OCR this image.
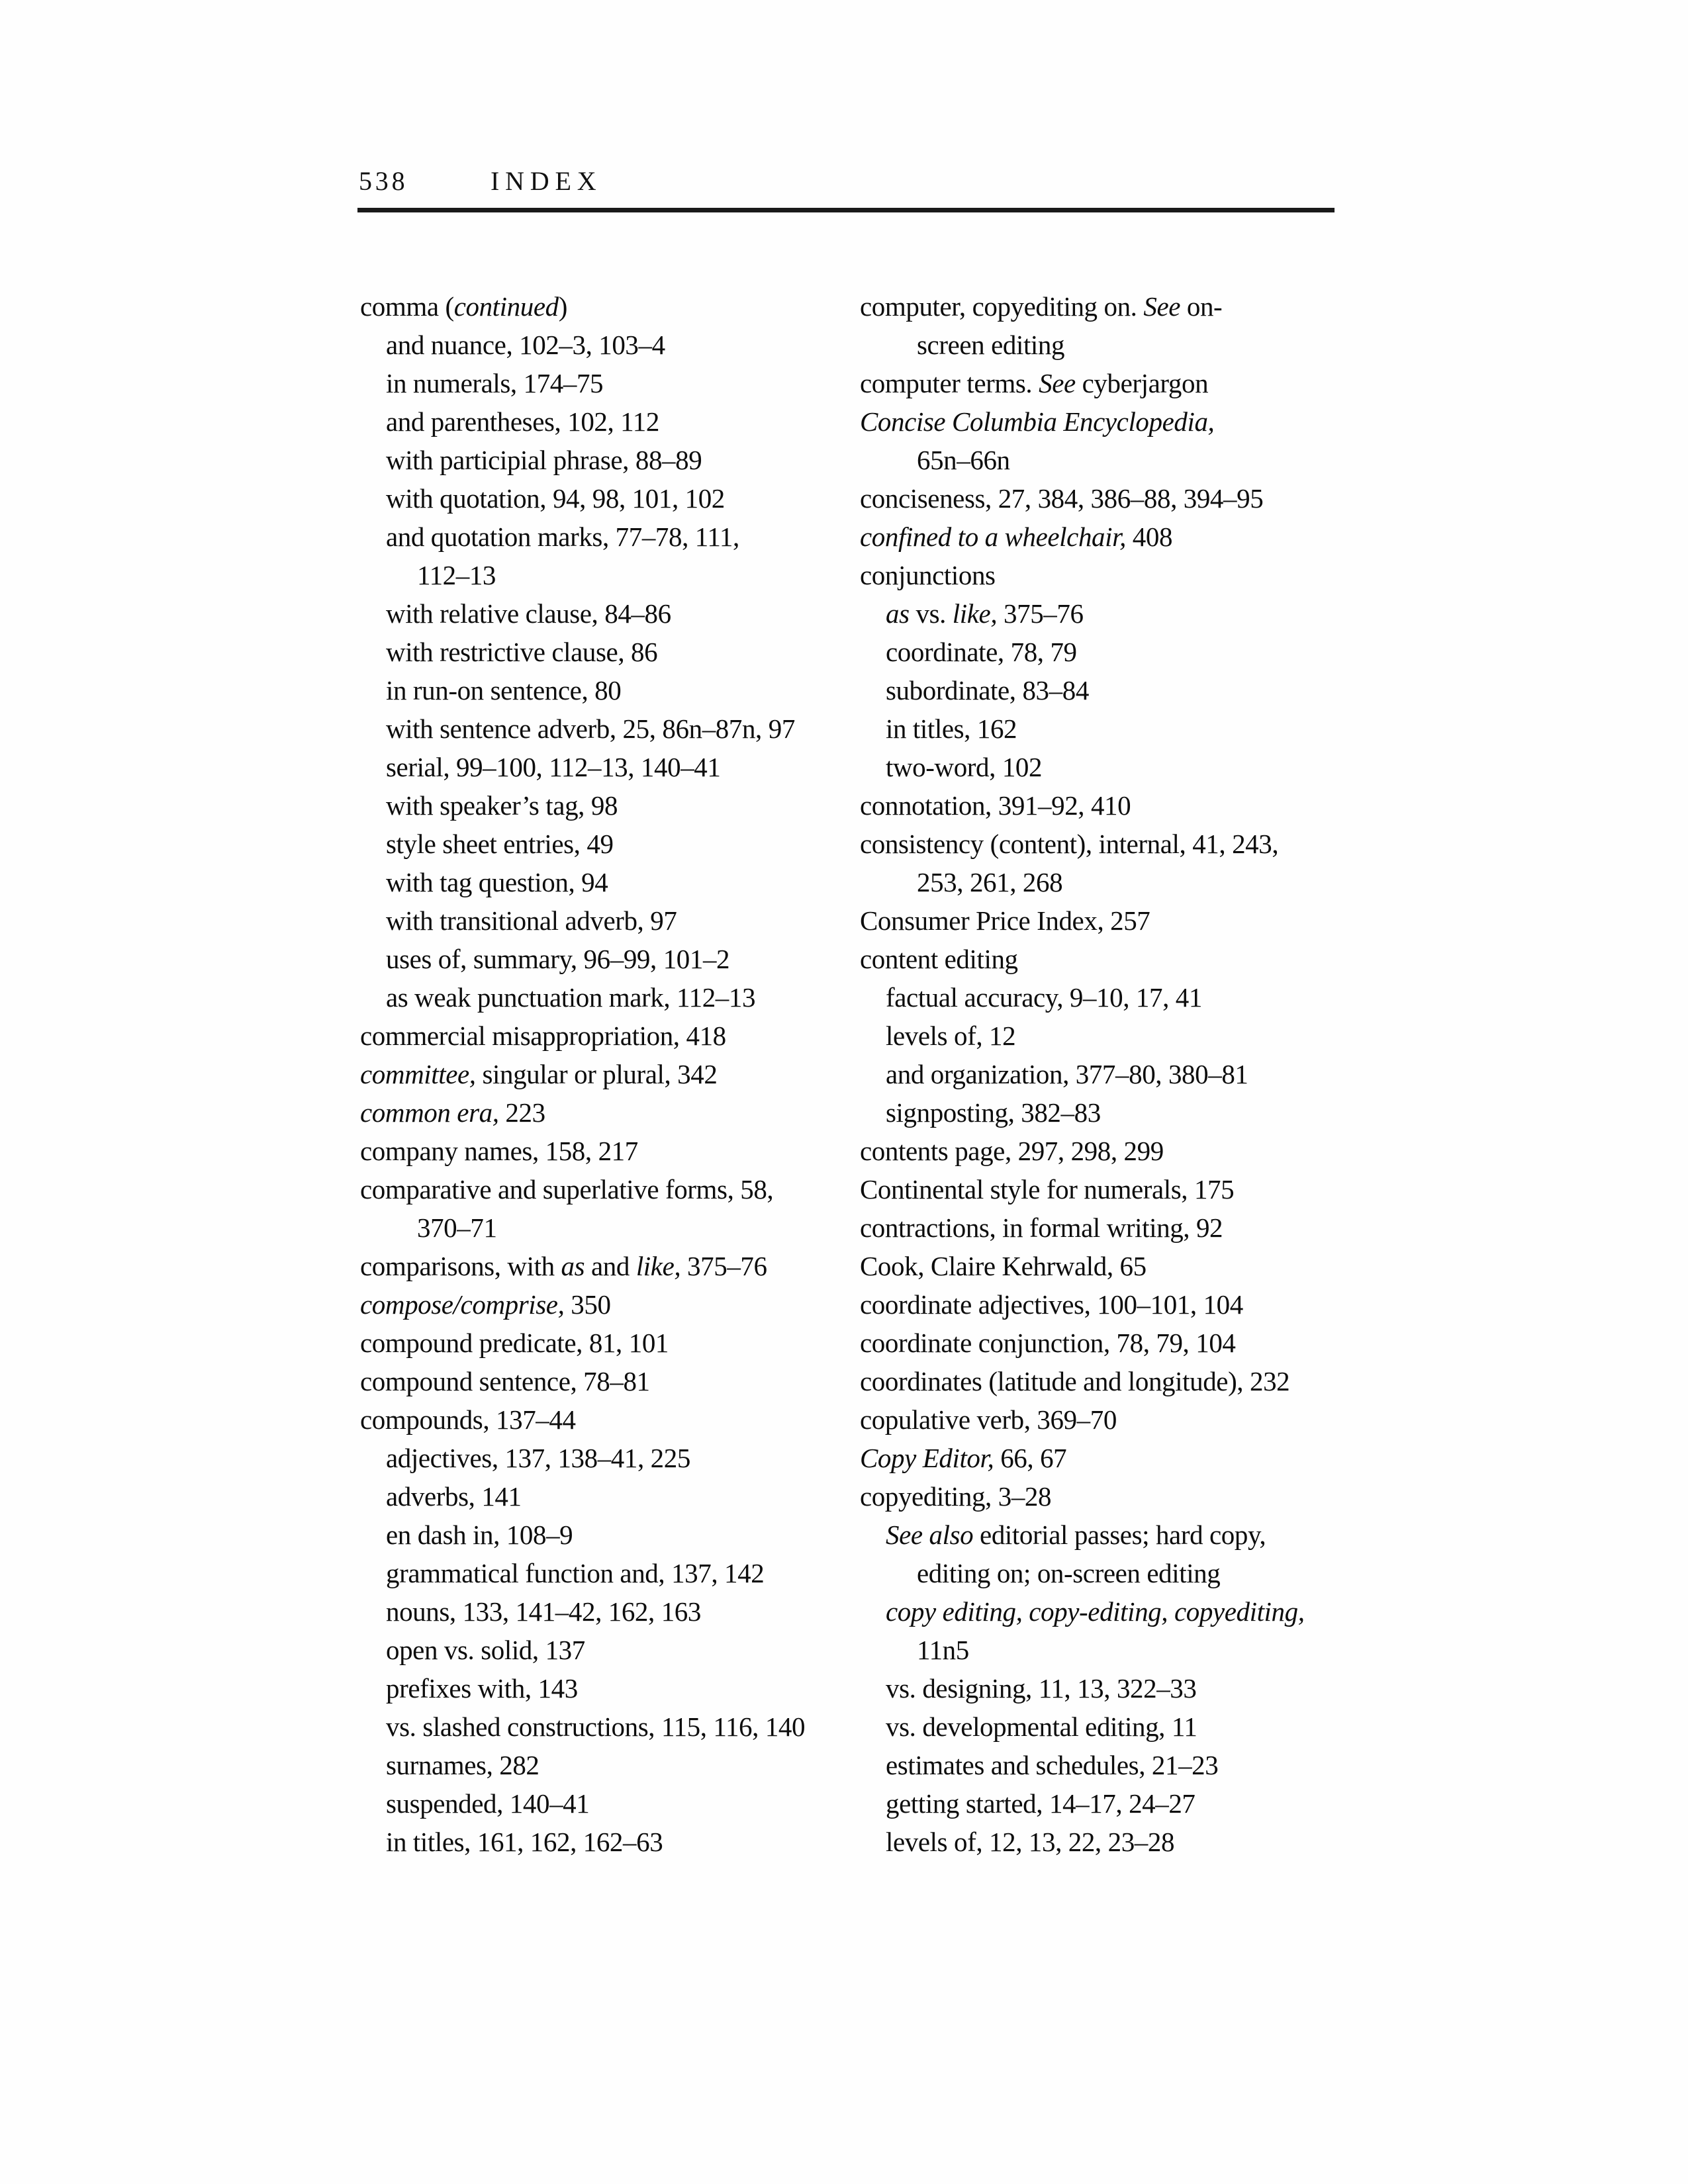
538	INDEX
comma (continued)
and nuance, 102–3, 103–4
in numerals, 174–75
and parentheses, 102, 112
with participial phrase, 88–89
with quotation, 94, 98, 101, 102
and quotation marks, 77–78, 111,
112–13
with relative clause, 84–86
with restrictive clause, 86
in run-on sentence, 80
with sentence adverb, 25, 86n–87n, 97
serial, 99–100, 112–13, 140–41
with speaker’s tag, 98
style sheet entries, 49
with tag question, 94
with transitional adverb, 97
uses of, summary, 96–99, 101–2
as weak punctuation mark, 112–13
commercial misappropriation, 418
committee, singular or plural, 342
common era, 223
company names, 158, 217
comparative and superlative forms, 58,
370–71
comparisons, with as and like, 375–76
compose/comprise, 350
compound predicate, 81, 101
compound sentence, 78–81
compounds, 137–44
adjectives, 137, 138–41, 225
adverbs, 141
en dash in, 108–9
grammatical function and, 137, 142
nouns, 133, 141–42, 162, 163
open vs. solid, 137
prefixes with, 143
vs. slashed constructions, 115, 116, 140
surnames, 282
suspended, 140–41
in titles, 161, 162, 162–63
computer, copyediting on. See on-
screen editing
computer terms. See cyberjargon
Concise Columbia Encyclopedia,
65n–66n
conciseness, 27, 384, 386–88, 394–95
confined to a wheelchair, 408
conjunctions
as vs. like, 375–76
coordinate, 78, 79
subordinate, 83–84
in titles, 162
two-word, 102
connotation, 391–92, 410
consistency (content), internal, 41, 243,
253, 261, 268
Consumer Price Index, 257
content editing
factual accuracy, 9–10, 17, 41
levels of, 12
and organization, 377–80, 380–81
signposting, 382–83
contents page, 297, 298, 299
Continental style for numerals, 175
contractions, in formal writing, 92
Cook, Claire Kehrwald, 65
coordinate adjectives, 100–101, 104
coordinate conjunction, 78, 79, 104
coordinates (latitude and longitude), 232
copulative verb, 369–70
Copy Editor, 66, 67
copyediting, 3–28
See also editorial passes; hard copy,
editing on; on-screen editing
copy editing, copy-editing, copyediting,
11n5
vs. designing, 11, 13, 322–33
vs. developmental editing, 11
estimates and schedules, 21–23
getting started, 14–17, 24–27
levels of, 12, 13, 22, 23–28
